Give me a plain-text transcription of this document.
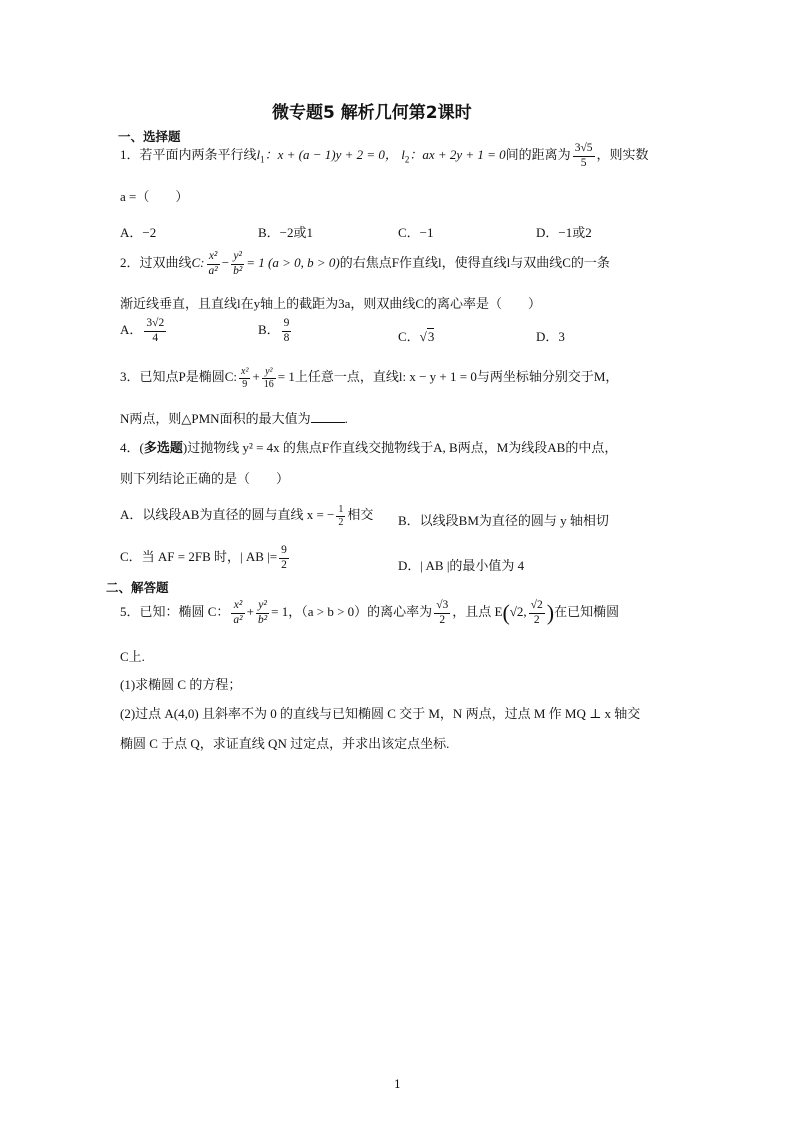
微专题5 解析几何第2课时
一、选择题
1．若平面内两条平行线$l_1$：x + (a − 1)y + 2 = 0， $l_2$：ax + 2y + 1 = 0间的距离为 $\frac{3√5}{5}$ ，则实数
a =（　　）
A．−2	B．−2或1	C．−1	D．−1或2
2．过双曲线C: $\frac{\text{x²}}{\text{a²}} - \frac{\text{y²}}{\text{b²}} = 1$ (a > 0, b > 0)的右焦点F作直线l，使得直线l与双曲线C的一条
渐近线垂直，且直线l在y轴上的截距为3a，则双曲线C的离心率是（　　）
A． $\frac{3√2}{4}$	B． $\frac{9}{8}$	C．√3	D．3
3．已知点P是椭圆C: $\frac{\text{x²}}{9} + \frac{\text{y²}}{16} = 1$上任意一点，直线l: x − y + 1 = 0与两坐标轴分别交于M，
N两点，则△PMN面积的最大值为	.
4．(多选题)过抛物线 y² = 4x 的焦点F作直线交抛物线于A, B两点，M为线段AB的中点，
则下列结论正确的是（　　）
A．以线段AB为直径的圆与直线 x = − $\frac{1}{2}$ 相交 B．以线段BM为直径的圆与 y 轴相切
C．当 AF = 2FB 时，| AB |= $\frac{9}{2}$	D．| AB |的最小值为 4
二、解答题
5．已知：椭圆 C： $\frac{\text{x²}}{\text{a²}} + \frac{\text{y²}}{\text{b²}} = 1$，（a > b > 0）的离心率为 $\frac{√3}{2}$ ，且点 E(√2, $\frac{√2}{2}$ )在已知椭圆
C上.
(1)求椭圆 C 的方程；
(2)过点 A(4,0) 且斜率不为 0 的直线与已知椭圆 C 交于 M，N 两点，过点 M 作 MQ ⊥ x 轴交
椭圆 C 于点 Q，求证直线 QN 过定点，并求出该定点坐标.
1
